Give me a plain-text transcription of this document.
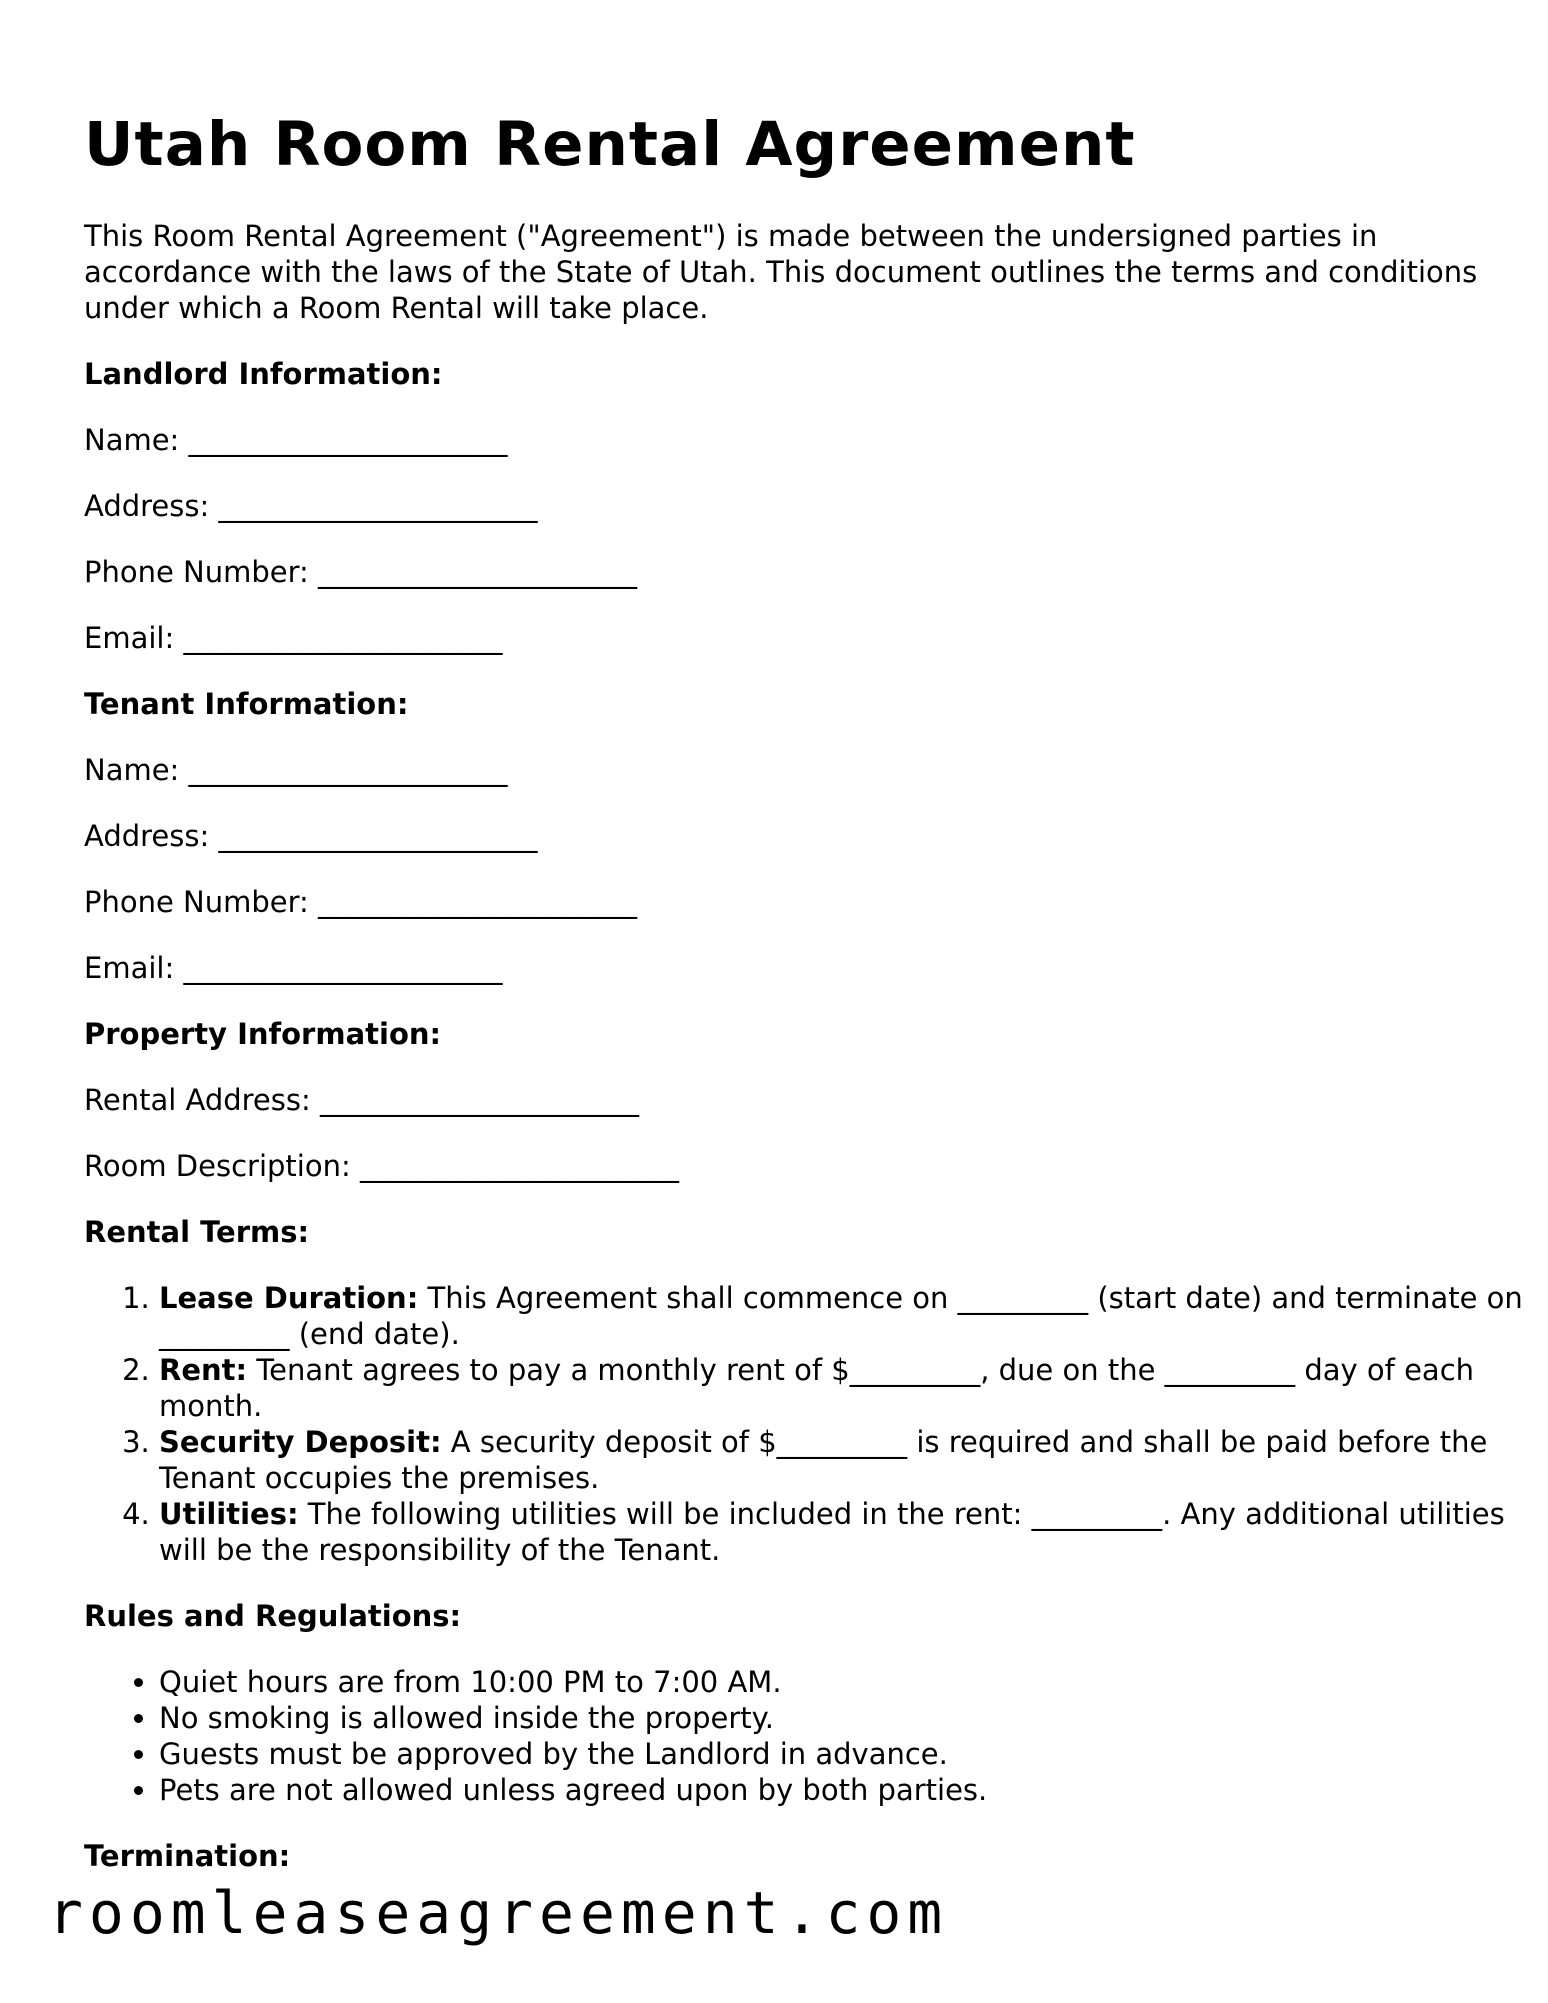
Utah Room Rental Agreement

This Room Rental Agreement ("Agreement") is made between the undersigned parties in accordance with the laws of the State of Utah. This document outlines the terms and conditions under which a Room Rental will take place.

Landlord Information:
Name: ______________________
Address: ______________________
Phone Number: ______________________
Email: ______________________
Tenant Information:
Name: ______________________
Address: ______________________
Phone Number: ______________________
Email: ______________________
Property Information:
Rental Address: ______________________
Room Description: ______________________
Rental Terms:
1. Lease Duration: This Agreement shall commence on _________ (start date) and terminate on _________ (end date).
2. Rent: Tenant agrees to pay a monthly rent of $_________, due on the _________ day of each month.
3. Security Deposit: A security deposit of $_________ is required and shall be paid before the Tenant occupies the premises.
4. Utilities: The following utilities will be included in the rent: _________. Any additional utilities will be the responsibility of the Tenant.
Rules and Regulations:
• Quiet hours are from 10:00 PM to 7:00 AM.
• No smoking is allowed inside the property.
• Guests must be approved by the Landlord in advance.
• Pets are not allowed unless agreed upon by both parties.
Termination:
roomleaseagreement.com
